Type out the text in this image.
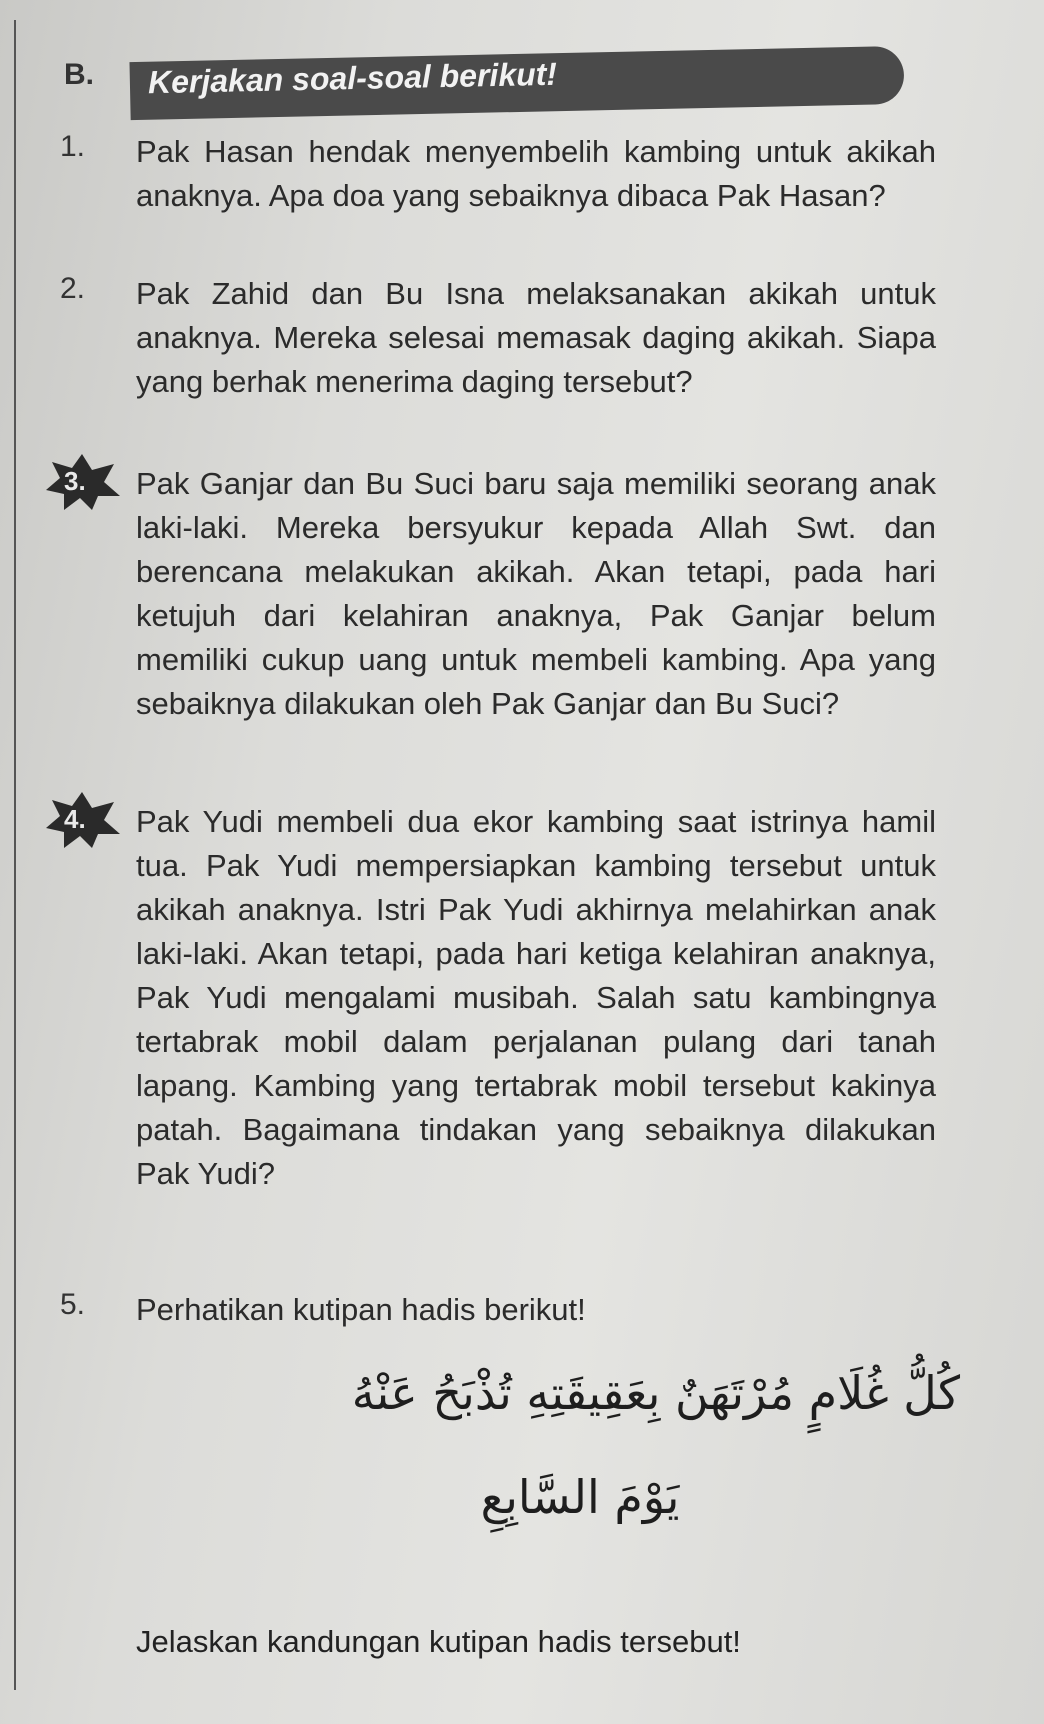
B. Kerjakan soal-soal berikut!
1.	Pak Hasan hendak menyembelih kambing untuk akikah anaknya. Apa doa yang sebaiknya dibaca Pak Hasan?
2.	Pak Zahid dan Bu Isna melaksanakan akikah untuk anaknya. Mereka selesai memasak daging akikah. Siapa yang berhak menerima daging tersebut?
3. Pak Ganjar dan Bu Suci baru saja memiliki seorang anak laki-laki. Mereka bersyukur kepada Allah Swt. dan berencana melakukan akikah. Akan tetapi, pada hari ketujuh dari kelahiran anaknya, Pak Ganjar belum memiliki cukup uang untuk membeli kambing. Apa yang sebaiknya dilakukan oleh Pak Ganjar dan Bu Suci?
4. Pak Yudi membeli dua ekor kambing saat istrinya hamil tua. Pak Yudi mempersiapkan kambing tersebut untuk akikah anaknya. Istri Pak Yudi akhirnya melahirkan anak laki-laki. Akan tetapi, pada hari ketiga kelahiran anaknya, Pak Yudi mengalami musibah. Salah satu kambingnya tertabrak mobil dalam perjalanan pulang dari tanah lapang. Kambing yang tertabrak mobil tersebut kakinya patah. Bagaimana tindakan yang sebaiknya dilakukan Pak Yudi?
5.	Perhatikan kutipan hadis berikut!
كُلُّ غُلَامٍ مُرْتَهَنٌ بِعَقِيقَتِهِ تُذْبَحُ عَنْهُ
يَوْمَ السَّابِعِ
Jelaskan kandungan kutipan hadis tersebut!
